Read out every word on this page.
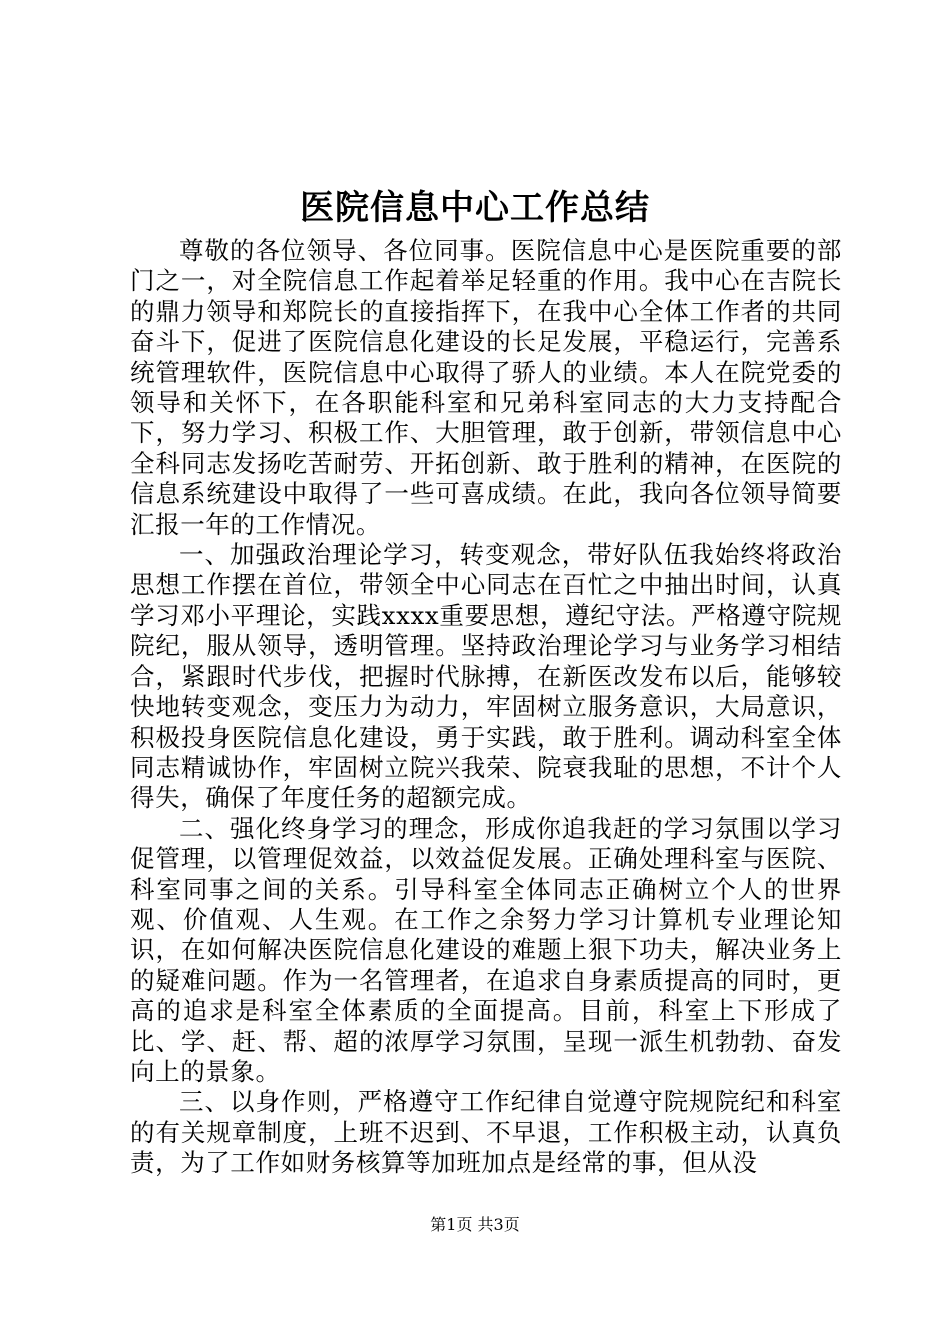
医院信息中心工作总结

尊敬的各位领导、各位同事。医院信息中心是医院重要的部门之一，对全院信息工作起着举足轻重的作用。我中心在吉院长的鼎力领导和郑院长的直接指挥下，在我中心全体工作者的共同奋斗下，促进了医院信息化建设的长足发展，平稳运行，完善系统管理软件，医院信息中心取得了骄人的业绩。本人在院党委的领导和关怀下，在各职能科室和兄弟科室同志的大力支持配合下，努力学习、积极工作、大胆管理，敢于创新，带领信息中心全科同志发扬吃苦耐劳、开拓创新、敢于胜利的精神，在医院的信息系统建设中取得了一些可喜成绩。在此，我向各位领导简要汇报一年的工作情况。

一、加强政治理论学习，转变观念，带好队伍我始终将政治思想工作摆在首位，带领全中心同志在百忙之中抽出时间，认真学习邓小平理论，实践xxxx重要思想，遵纪守法。严格遵守院规院纪，服从领导，透明管理。坚持政治理论学习与业务学习相结合，紧跟时代步伐，把握时代脉搏，在新医改发布以后，能够较快地转变观念，变压力为动力，牢固树立服务意识，大局意识，积极投身医院信息化建设，勇于实践，敢于胜利。调动科室全体同志精诚协作，牢固树立院兴我荣、院衰我耻的思想，不计个人得失，确保了年度任务的超额完成。

二、强化终身学习的理念，形成你追我赶的学习氛围以学习促管理，以管理促效益，以效益促发展。正确处理科室与医院、科室同事之间的关系。引导科室全体同志正确树立个人的世界观、价值观、人生观。在工作之余努力学习计算机专业理论知识，在如何解决医院信息化建设的难题上狠下功夫，解决业务上的疑难问题。作为一名管理者，在追求自身素质提高的同时，更高的追求是科室全体素质的全面提高。目前，科室上下形成了比、学、赶、帮、超的浓厚学习氛围，呈现一派生机勃勃、奋发向上的景象。

三、以身作则，严格遵守工作纪律自觉遵守院规院纪和科室的有关规章制度，上班不迟到、不早退，工作积极主动，认真负责，为了工作如财务核算等加班加点是经常的事，但从没

第1页 共3页
